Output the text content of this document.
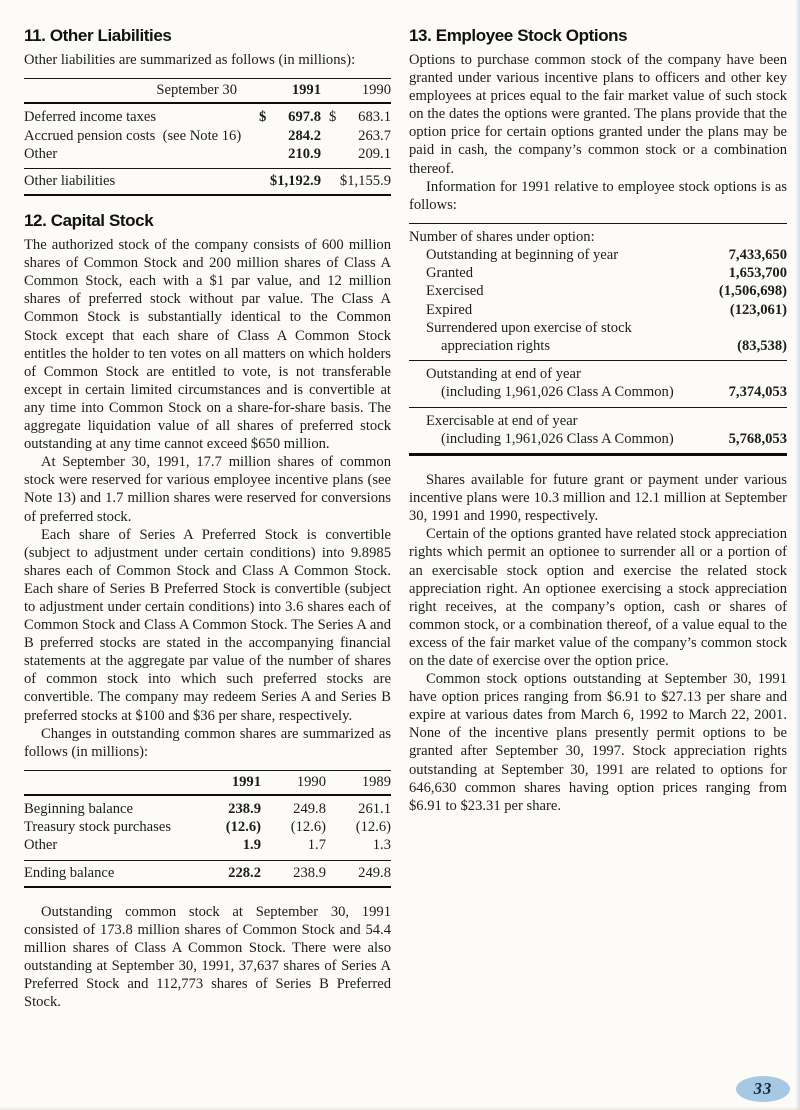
11. Other Liabilities

Other liabilities are summarized as follows (in millions):

September 30	1991	1990
Deferred income taxes	$	697.8 $	683.1
Accrued pension costs (see Note 16)	284.2	263.7
Other	210.9	209.1
Other liabilities	$1,192.9	$1,155.9
12. Capital Stock

The authorized stock of the company consists of 600 million shares of Common Stock and 200 million shares of Class A Common Stock, each with a $1 par value, and 12 million shares of preferred stock without par value. The Class A Common Stock is substantially identical to the Common Stock except that each share of Class A Common Stock entitles the holder to ten votes on all matters on which holders of Common Stock are entitled to vote, is not transferable except in certain limited circumstances and is convertible at any time into Common Stock on a share-for-share basis. The aggregate liquidation value of all shares of preferred stock outstanding at any time cannot exceed $650 million.

At September 30, 1991, 17.7 million shares of common stock were reserved for various employee incentive plans (see Note 13) and 1.7 million shares were reserved for conversions of preferred stock.

Each share of Series A Preferred Stock is convertible (subject to adjustment under certain conditions) into 9.8985 shares each of Common Stock and Class A Common Stock. Each share of Series B Preferred Stock is convertible (subject to adjustment under certain conditions) into 3.6 shares each of Common Stock and Class A Common Stock. The Series A and B preferred stocks are stated in the accompanying financial statements at the aggregate par value of the number of shares of common stock into which such preferred stocks are convertible. The company may redeem Series A and Series B preferred stocks at $100 and $36 per share, respectively.

Changes in outstanding common shares are summarized as follows (in millions):

1991	1990	1989
Beginning balance	238.9	249.8	261.1
Treasury stock purchases	(12.6)	(12.6)	(12.6)
Other	1.9	1.7	1.3
Ending balance	228.2	238.9	249.8

Outstanding common stock at September 30, 1991 consisted of 173.8 million shares of Common Stock and 54.4 million shares of Class A Common Stock. There were also outstanding at September 30, 1991, 37,637 shares of Series A Preferred Stock and 112,773 shares of Series B Preferred Stock.

13. Employee Stock Options

Options to purchase common stock of the company have been granted under various incentive plans to officers and other key employees at prices equal to the fair market value of such stock on the dates the options were granted. The plans provide that the option price for certain options granted under the plans may be paid in cash, the company’s common stock or a combination thereof.

Information for 1991 relative to employee stock options is as follows:

Number of shares under option:
Outstanding at beginning of year	7,433,650
Granted	1,653,700
Exercised	(1,506,698)
Expired	(123,061)
Surrendered upon exercise of stock
appreciation rights	(83,538)
Outstanding at end of year
(including 1,961,026 Class A Common)	7,374,053
Exercisable at end of year
(including 1,961,026 Class A Common)	5,768,053

Shares available for future grant or payment under various incentive plans were 10.3 million and 12.1 million at September 30, 1991 and 1990, respectively.

Certain of the options granted have related stock appreciation rights which permit an optionee to surrender all or a portion of an exercisable stock option and exercise the related stock appreciation right. An optionee exercising a stock appreciation right receives, at the company’s option, cash or shares of common stock, or a combination thereof, of a value equal to the excess of the fair market value of the company’s common stock on the date of exercise over the option price.

Common stock options outstanding at September 30, 1991 have option prices ranging from $6.91 to $27.13 per share and expire at various dates from March 6, 1992 to March 22, 2001. None of the incentive plans presently permit options to be granted after September 30, 1997. Stock appreciation rights outstanding at September 30, 1991 are related to options for 646,630 common shares having option prices ranging from $6.91 to $23.31 per share.

33
